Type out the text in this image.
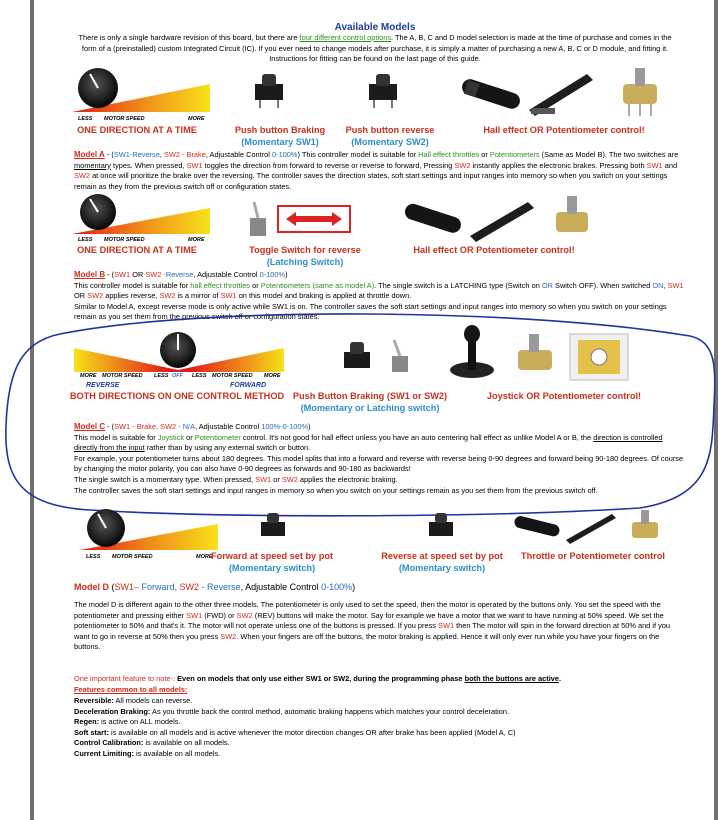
Available Models
There is only a single hardware revision of this board, but there are four different control options. The A, B, C and D model selection is made at the time of purchase and comes in the form of a (preinstalled) custom Integrated Circuit (IC). If you ever need to change models after purchase, it is simply a matter of purchasing a new A, B, C or D module, and fitting it. Instructions for fitting can be found on the last page of this guide.
LESS MOTOR SPEED	MORE
ONE DIRECTION AT A TIME	Push button Braking
(Momentary SW1)
Push button reverse
(Momentary SW2)
Hall effect OR Potentiometer control!
Model A - (SW1-Reverse, SW2 - Brake, Adjustable Control 0-100%) This controller model is suitable for Hall effect throttles or Potentiometers (Same as Model B). The two switches are momentary types. When pressed, SW1 toggles the direction from forward to reverse or reverse to forward, Pressing SW2 instantly applies the electronic brakes. Pressing both SW1 and SW2 at once will prioritize the brake over the reversing. The controller saves the direction states, soft start settings and input ranges into memory so when you switch on your settings remain as they from the previous switch off or configuration states.
LESS MOTOR SPEED	MORE
ONE DIRECTION AT A TIME	Toggle Switch for reverse
(Latching Switch)
Hall effect OR Potentiometer control!
Model B - (SW1 OR SW2 -Reverse, Adjustable Control 0-100%)
This controller model is suitable for hall effect throttles or Potentiometers (same as model A). The single switch is a LATCHING type (Switch on OR Switch OFF). When switched ON, SW1 OR SW2 applies reverse, SW2 is a mirror of SW1 on this model and braking is applied at throttle down.
Similar to Model A, except reverse mode is only active while SW1 is on. The controller saves the soft start settings and input ranges into memory so when you switch on your settings remain as you set them from the previous switch off or configuration states.
MORE MOTOR SPEED LESS OFF LESS MOTOR SPEED MORE
REVERSE	FORWARD
BOTH DIRECTIONS ON ONE CONTROL METHOD Push Button Braking (SW1 or SW2)
(Momentary or Latching switch)
Joystick OR Potentiometer control!
Model C - (SW1 - Brake, SW2 - N/A, Adjustable Control 100%-0-100%)
This model is suitable for Joystick or Potentiometer control. It's not good for hall effect unless you have an auto centering hall effect as unlike Model A or B, the direction is controlled directly from the input rather than by using any external switch or button.
For example, your potentiometer turns about 180 degrees. This model splits that into a forward and reverse with reverse being 0-90 degrees and forward being 90-180 degrees. Of course by changing the motor polarity, you can also have 0-90 degrees as forwards and 90-180 as backwards!
The single switch is a momentary type. When pressed, SW1 or SW2 applies the electronic braking.
The controller saves the soft start settings and input ranges in memory so when you switch on your settings remain as you set them from the previous switch off.
LESS MOTOR SPEED	MORE
Forward at speed set by pot
(Momentary switch)
Reverse at speed set by pot
(Momentary switch)
Throttle or Potentiometer control
Model D (SW1– Forward, SW2 - Reverse, Adjustable Control 0-100%)
The model D is different again to the other three models. The potentiometer is only used to set the speed, then the motor is operated by the buttons only. You set the speed with the potentiometer and pressing either SW1 (FWD) or SW2 (REV) buttons will make the motor. Say for example we have a motor that we want to have running at 50% speed. We set the potentiometer to 50% and that's it. The motor will not operate unless one of the buttons is pressed. If you press SW1 then The motor will spin in the forward direction at 50% and if you want to go in reverse at 50% then you press SW2. When your fingers are off the buttons, the motor braking is applied. Hence it will only ever run while you have your fingers on the buttons.
One important feature to note-: Even on models that only use either SW1 or SW2, during the programming phase both the buttons are active.
Features common to all models:
Reversible: All models can reverse.
Deceleration Braking: As you throttle back the control method, automatic braking happens which matches your control deceleration.
Regen: is active on ALL models.
Soft start: is available on all models and is active whenever the motor direction changes OR after brake has been applied (Model A, C)
Control Calibration: is available on all models.
Current Limiting: is available on all models.
